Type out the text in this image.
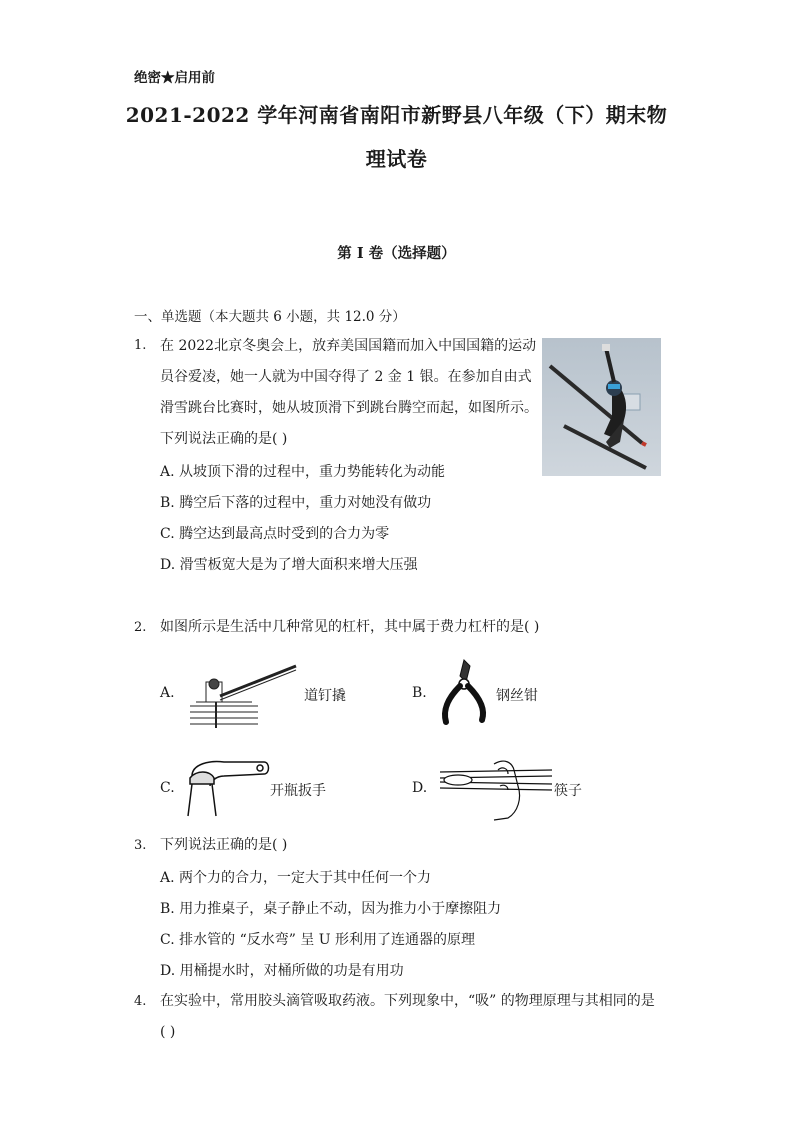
绝密★启用前
2021-2022 学年河南省南阳市新野县八年级（下）期末物
理试卷
第 I 卷（选择题）
一、单选题（本大题共 6 小题，共 12.0 分）
1. 在 2022北京冬奥会上，放弃美国国籍而加入中国国籍的运动
员谷爱凌，她一人就为中国夺得了 2 金 1 银。在参加自由式
滑雪跳台比赛时，她从坡顶滑下到跳台腾空而起，如图所示。
下列说法正确的是( )
A. 从坡顶下滑的过程中，重力势能转化为动能
B. 腾空后下落的过程中，重力对她没有做功
C. 腾空达到最高点时受到的合力为零
D. 滑雪板宽大是为了增大面积来增大压强
2. 如图所示是生活中几种常见的杠杆，其中属于费力杠杆的是( )
A.	道钉撬	B.	钢丝钳
C.	开瓶扳手	D.	筷子
3. 下列说法正确的是( )
A. 两个力的合力，一定大于其中任何一个力
B. 用力推桌子，桌子静止不动，因为推力小于摩擦阻力
C. 排水管的 “反水弯” 呈 U 形利用了连通器的原理
D. 用桶提水时，对桶所做的功是有用功
4. 在实验中，常用胶头滴管吸取药液。下列现象中，“吸” 的物理原理与其相同的是
( )
